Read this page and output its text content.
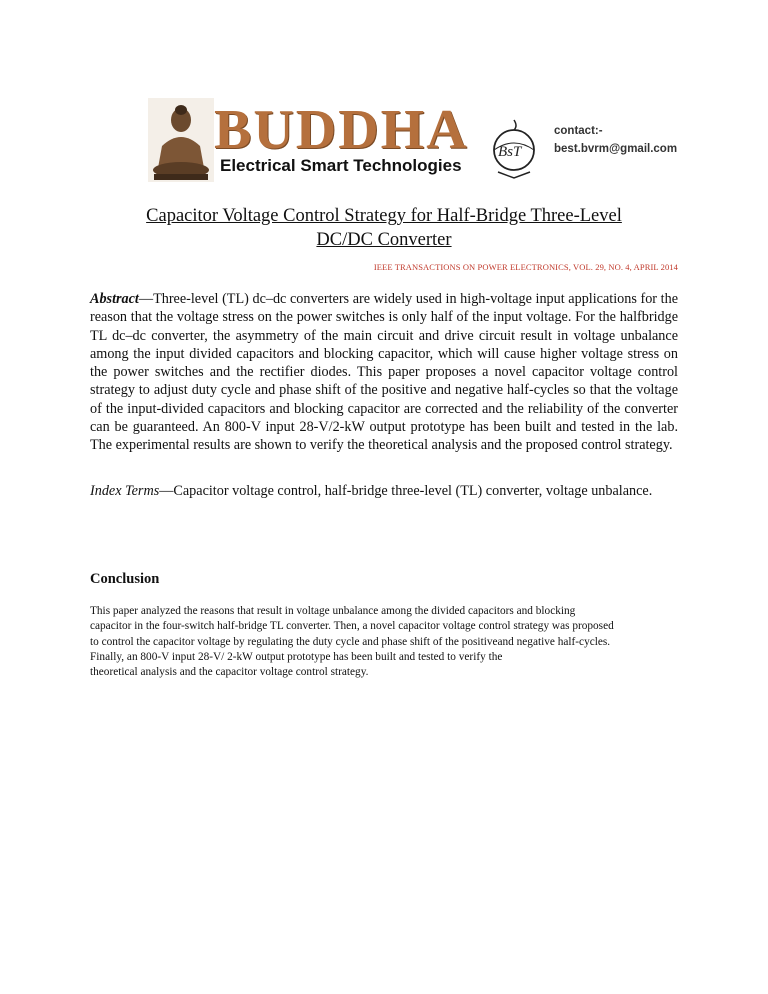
BUDDHA
Electrical Smart Technologies
BsT
contact:-
best.bvrm@gmail.com
Capacitor Voltage Control Strategy for Half-Bridge Three-Level
DC/DC Converter
IEEE TRANSACTIONS ON POWER ELECTRONICS, VOL. 29, NO. 4, APRIL 2014
Abstract—Three-level (TL) dc–dc converters are widely used in high-voltage input applications for the reason that the voltage stress on the power switches is only half of the input voltage. For the halfbridge TL dc–dc converter, the asymmetry of the main circuit and drive circuit result in voltage unbalance among the input divided capacitors and blocking capacitor, which will cause higher voltage stress on the power switches and the rectifier diodes. This paper proposes a novel capacitor voltage control strategy to adjust duty cycle and phase shift of the positive and negative half-cycles so that the voltage of the input-divided capacitors and blocking capacitor are corrected and the reliability of the converter can be guaranteed. An 800-V input 28-V/2-kW output prototype has been built and tested in the lab. The experimental results are shown to verify the theoretical analysis and the proposed control strategy.
Index Terms—Capacitor voltage control, half-bridge three-level (TL) converter, voltage unbalance.
Conclusion
This paper analyzed the reasons that result in voltage unbalance among the divided capacitors and blocking
capacitor in the four-switch half-bridge TL converter. Then, a novel capacitor voltage control strategy was proposed
to control the capacitor voltage by regulating the duty cycle and phase shift of the positiveand negative half-cycles.
Finally, an 800-V input 28-V/ 2-kW output prototype has been built and tested to verify the
theoretical analysis and the capacitor voltage control strategy.
